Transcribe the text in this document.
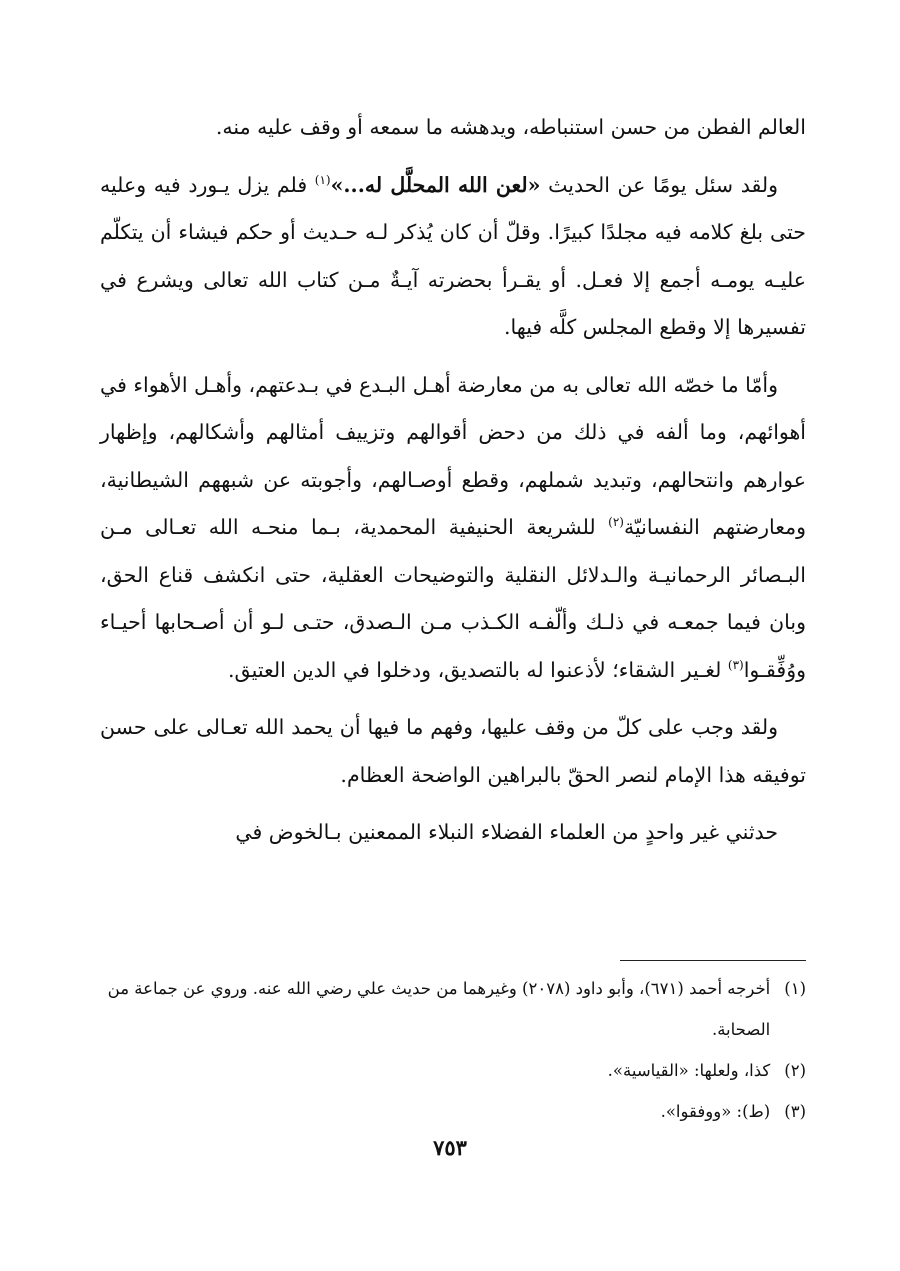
العالم الفطن من حسن استنباطه، ويدهشه ما سمعه أو وقف عليه منه.

ولقد سئل يومًا عن الحديث «لعن الله المحلَّل له...»$^{(١)}$ فلم يزل يـورد فيه وعليه حتى بلغ كلامه فيه مجلدًا كبيرًا. وقلّ أن كان يُذكر لـه حـديث أو حكم فيشاء أن يتكلّم عليـه يومـه أجمع إلا فعـل. أو يقـرأ بحضرته آيـةٌ مـن كتاب الله تعالى ويشرع في تفسيرها إلا وقطع المجلس كلَّه فيها.

وأمّا ما خصّه الله تعالى به من معارضة أهـل البـدع في بـدعتهم، وأهـل الأهواء في أهوائهم، وما ألفه في ذلك من دحض أقوالهم وتزييف أمثالهم وأشكالهم، وإظهار عوارهم وانتحالهم، وتبديد شملهم، وقطع أوصـالهم، وأجوبته عن شبههم الشيطانية، ومعارضتهم النفسانيّة$^{(٢)}$ للشريعة الحنيفية المحمدية، بـما منحـه الله تعـالى مـن البـصائر الرحمانيـة والـدلائل النقلية والتوضيحات العقلية، حتى انكشف قناع الحق، وبان فيما جمعـه في ذلـك وألّفـه الكـذب مـن الـصدق، حتـى لـو أن أصـحابها أحيـاء ووُفِّقـوا$^{(٣)}$ لغـير الشقاء؛ لأذعنوا له بالتصديق، ودخلوا في الدين العتيق.

ولقد وجب على كلّ من وقف عليها، وفهم ما فيها أن يحمد الله تعـالى على حسن توفيقه هذا الإمام لنصر الحقّ بالبراهين الواضحة العظام.

حدثني غير واحدٍ من العلماء الفضلاء النبلاء الممعنين بـالخوض في

(١)
أخرجه أحمد (٦٧١)، وأبو داود (٢٠٧٨) وغيرهما من حديث علي رضي الله عنه. وروي عن جماعة من الصحابة.
(٢)
كذا، ولعلها: «القياسية».
(٣)
(ط): «ووفقوا».
٧٥٣
